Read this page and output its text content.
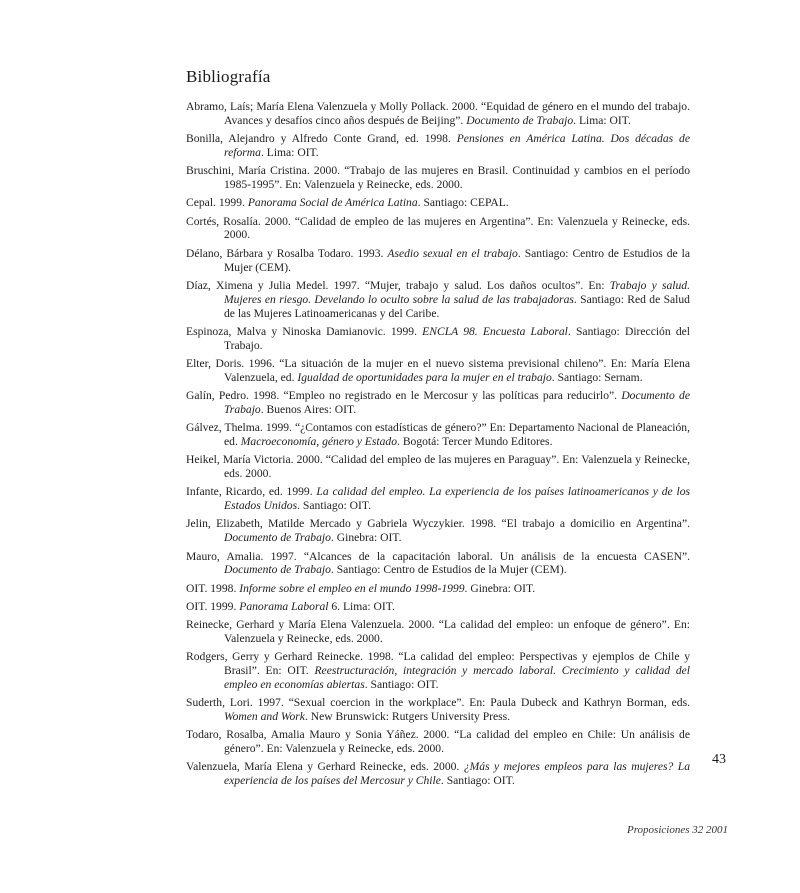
Bibliografía

Abramo, Laís; María Elena Valenzuela y Molly Pollack. 2000. “Equidad de género en el mundo del trabajo. Avances y desafíos cinco años después de Beijing”. Documento de Trabajo. Lima: OIT.

Bonilla, Alejandro y Alfredo Conte Grand, ed. 1998. Pensiones en América Latina. Dos décadas de reforma. Lima: OIT.

Bruschini, María Cristina. 2000. “Trabajo de las mujeres en Brasil. Continuidad y cambios en el período 1985-1995”. En: Valenzuela y Reinecke, eds. 2000.

Cepal. 1999. Panorama Social de América Latina. Santiago: CEPAL.

Cortés, Rosalía. 2000. “Calidad de empleo de las mujeres en Argentina”. En: Valenzuela y Reinecke, eds. 2000.

Délano, Bárbara y Rosalba Todaro. 1993. Asedio sexual en el trabajo. Santiago: Centro de Estudios de la Mujer (CEM).

Díaz, Ximena y Julia Medel. 1997. “Mujer, trabajo y salud. Los daños ocultos”. En: Trabajo y salud. Mujeres en riesgo. Develando lo oculto sobre la salud de las trabajadoras. Santiago: Red de Salud de las Mujeres Latinoamericanas y del Caribe.

Espinoza, Malva y Ninoska Damianovic. 1999. ENCLA 98. Encuesta Laboral. Santiago: Dirección del Trabajo.

Elter, Doris. 1996. “La situación de la mujer en el nuevo sistema previsional chileno”. En: María Elena Valenzuela, ed. Igualdad de oportunidades para la mujer en el trabajo. Santiago: Sernam.

Galín, Pedro. 1998. “Empleo no registrado en le Mercosur y las políticas para reducirlo”. Documento de Trabajo. Buenos Aires: OIT.

Gálvez, Thelma. 1999. “¿Contamos con estadísticas de género?” En: Departamento Nacional de Planeación, ed. Macroeconomía, género y Estado. Bogotá: Tercer Mundo Editores.

Heikel, María Victoria. 2000. “Calidad del empleo de las mujeres en Paraguay”. En: Valenzuela y Reinecke, eds. 2000.

Infante, Ricardo, ed. 1999. La calidad del empleo. La experiencia de los países latinoamericanos y de los Estados Unidos. Santiago: OIT.

Jelin, Elizabeth, Matilde Mercado y Gabriela Wyczykier. 1998. “El trabajo a domicilio en Argentina”. Documento de Trabajo. Ginebra: OIT.

Mauro, Amalia. 1997. “Alcances de la capacitación laboral. Un análisis de la encuesta CASEN”. Documento de Trabajo. Santiago: Centro de Estudios de la Mujer (CEM).

OIT. 1998. Informe sobre el empleo en el mundo 1998-1999. Ginebra: OIT.

OIT. 1999. Panorama Laboral 6. Lima: OIT.

Reinecke, Gerhard y María Elena Valenzuela. 2000. “La calidad del empleo: un enfoque de género”. En: Valenzuela y Reinecke, eds. 2000.

Rodgers, Gerry y Gerhard Reinecke. 1998. “La calidad del empleo: Perspectivas y ejemplos de Chile y Brasil”. En: OIT. Reestructuración, integración y mercado laboral. Crecimiento y calidad del empleo en economías abiertas. Santiago: OIT.

Suderth, Lori. 1997. “Sexual coercion in the workplace”. En: Paula Dubeck and Kathryn Borman, eds. Women and Work. New Brunswick: Rutgers University Press.

Todaro, Rosalba, Amalia Mauro y Sonia Yáñez. 2000. “La calidad del empleo en Chile: Un análisis de género”. En: Valenzuela y Reinecke, eds. 2000.

Valenzuela, María Elena y Gerhard Reinecke, eds. 2000. ¿Más y mejores empleos para las mujeres? La experiencia de los países del Mercosur y Chile. Santiago: OIT.

43
Proposiciones 32 2001
